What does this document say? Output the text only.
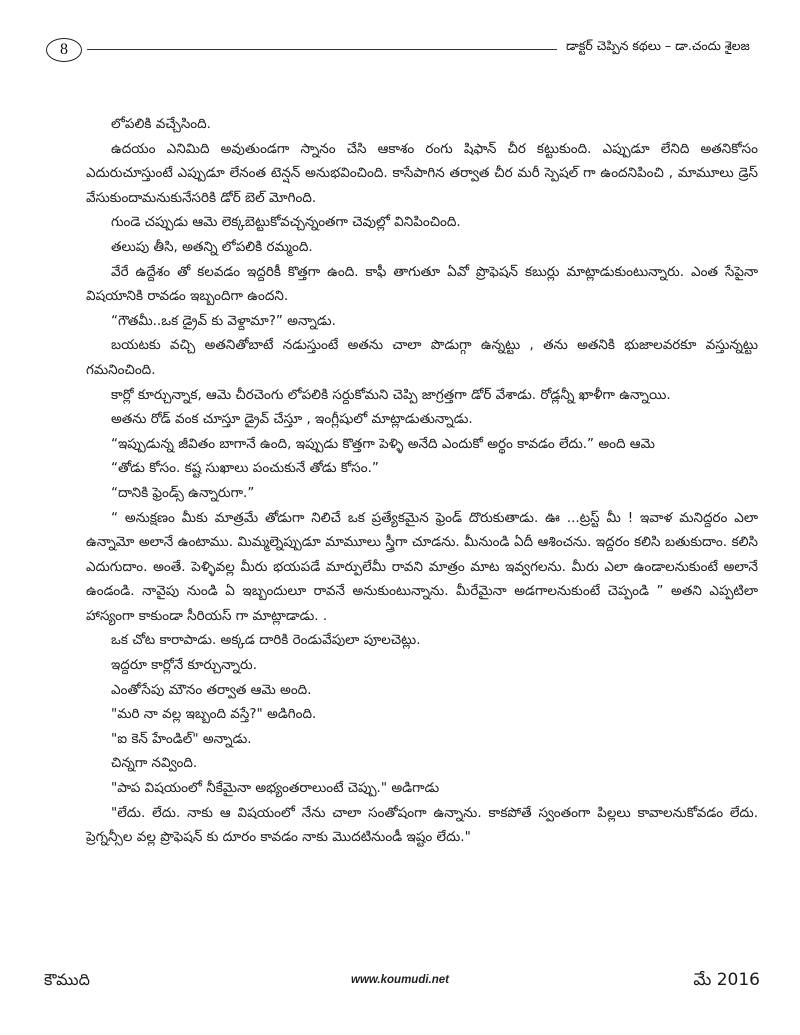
8	డాక్టర్ చెప్పిన కథలు – డా.చందు శైలజ

లోపలికి వచ్చేసింది.

ఉదయం ఎనిమిది అవుతుండగా స్నానం చేసి ఆకాశం రంగు షిఫాన్ చీర కట్టుకుంది. ఎప్పుడూ లేనిది అతనికోసం ఎదురుచూస్తుంటే ఎప్పుడూ లేనంత టెన్షన్ అనుభవించింది. కాసేపాగిన తర్వాత చీర మరీ స్పెషల్ గా ఉందనిపించి , మామూలు డ్రెస్ వేసుకుందామనుకునేసరికి డోర్ బెల్ మోగింది.

గుండె చప్పుడు ఆమె లెక్కబెట్టుకోవచ్చన్నంతగా చెవుల్లో వినిపించింది.

తలుపు తీసి, అతన్ని లోపలికి రమ్మంది.

వేరే ఉద్దేశం తో కలవడం ఇద్దరికీ కొత్తగా ఉంది. కాఫీ తాగుతూ ఏవో ప్రొఫెషన్ కబుర్లు మాట్లాడుకుంటున్నారు. ఎంత సేపైనా విషయానికి రావడం ఇబ్బందిగా ఉందని.

“గౌతమీ..ఒక డ్రైవ్ కు వెళ్దామా?” అన్నాడు.

బయటకు వచ్చి అతనితోబాటే నడుస్తుంటే అతను చాలా పొడుగ్గా ఉన్నట్టు , తను అతనికి భుజాలవరకూ వస్తున్నట్టు గమనించింది.

కార్లో కూర్చున్నాక, ఆమె చీరచెంగు లోపలికి సర్దుకోమని చెప్పి జాగ్రత్తగా డోర్ వేశాడు. రోడ్లన్నీ ఖాళీగా ఉన్నాయి.

అతను రోడ్ వంక చూస్తూ డ్రైవ్ చేస్తూ , ఇంగ్లీషులో మాట్లాడుతున్నాడు.

“ఇప్పుడున్న జీవితం బాగానే ఉంది, ఇప్పుడు కొత్తగా పెళ్ళి అనేది ఎందుకో అర్థం కావడం లేదు.” అంది ఆమె

“తోడు కోసం. కష్ట సుఖాలు పంచుకునే తోడు కోసం.”

“దానికి ఫ్రెండ్స్ ఉన్నారుగా.”

“ అనుక్షణం మీకు మాత్రమే తోడుగా నిలిచే ఒక ప్రత్యేకమైన ఫ్రెండ్ దొరుకుతాడు. ఊ ...ట్రస్ట్ మీ ! ఇవాళ మనిద్దరం ఎలా ఉన్నామో అలానే ఉంటాము. మిమ్మల్నెప్పుడూ మామూలు స్త్రీగా చూడను. మీనుండి ఏదీ ఆశించను. ఇద్దరం కలిసి బతుకుదాం. కలిసి ఎదుగుదాం. అంతే. పెళ్ళివల్ల మీరు భయపడే మార్పులేమీ రావని మాత్రం మాట ఇవ్వగలను. మీరు ఎలా ఉండాలనుకుంటే అలానే ఉండండి. నావైపు నుండి ఏ ఇబ్బందులూ రావనే అనుకుంటున్నాను. మీరేమైనా అడగాలనుకుంటే చెప్పండి ” అతని ఎప్పటిలా హాస్యంగా కాకుండా సీరియస్ గా మాట్లాడాడు. .

ఒక చోట కారాపాడు. అక్కడ దారికి రెండువేపులా పూలచెట్లు.

ఇద్దరూ కార్లోనే కూర్చున్నారు.

ఎంతోసేపు మౌనం తర్వాత ఆమె అంది.

"మరి నా వల్ల ఇబ్బంది వస్తే?" అడిగింది.

"ఐ కెన్ హేండిల్" అన్నాడు.

చిన్నగా నవ్వింది.

"పాప విషయంలో నీకేమైనా అభ్యంతరాలుంటే చెప్పు." అడిగాడు

"లేదు. లేదు. నాకు ఆ విషయంలో నేను చాలా సంతోషంగా ఉన్నాను. కాకపోతే స్వంతంగా పిల్లలు కావాలనుకోవడం లేదు. ప్రెగ్నన్సీల వల్ల ప్రొఫెషన్ కు దూరం కావడం నాకు మొదటినుండీ ఇష్టం లేదు."

కౌముది	www.koumudi.net	మే 2016
